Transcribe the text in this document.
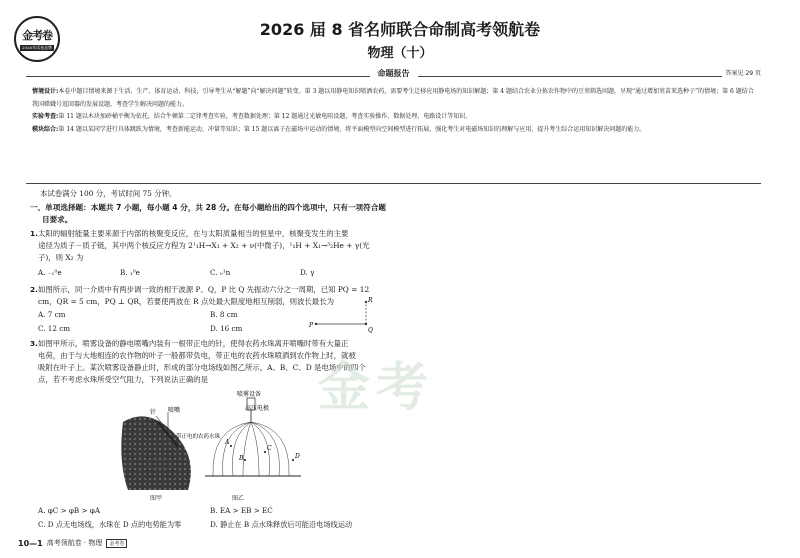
金考卷
2026年试卷品牌
2026 届 8 省名师联合命制高考领航卷
物理（十）
命题报告	答案见 29 页

情境设计:本卷中题目情境来源于生活、生产、体育运动、科技，引导考生从“解题”向“解决问题”转变。第 3 题以用静电知识喷洒农药，需要考生迁移应用静电场的知识解题；第 4 题结合农业分拣农作物中的豆荚筛选问题，呈现“通过增加荚苗来选种子”的情境；第 6 题结合我国嫦娥号返回器的发展设题，考查学生解决问题的能力。

实验考查:第 11 题以木块加砂桶平衡为依托，结合牛顿第二定律考查实验，考查数据处理；第 12 题通过光敏电阻设题，考查实验操作、数据处理、电路设计等知识。

模块综合:第 14 题以某同学进行具体跳跃为情境，考查新能运动、冲量等知识；第 15 题以离子在磁场中运动的情境，将平面模型向空间模型进行拓展，强化考生对电磁场知识的理解与应用，提升考生综合运用知识解决问题的能力。

本试卷满分 100 分，考试时间 75 分钟。
一、单项选择题：本题共 7 小题，每小题 4 分，共 28 分。在每小题给出的四个选项中，只有一项符合题
目要求。
1.太阳的辐射能量主要来源于内部的核聚变反应，在与太阳质量相当的恒星中，核聚变发生的主要
途径为质子－质子链，其中两个核反应方程为 2¹₁H→X₁ + X₂ + ν(中微子)，¹₁H + X₁→³₂He + γ(光
子)，则 X₂ 为
A. ₋₁⁰e	B. ₁⁰e	C. ₀¹n	D. γ
2.如图所示，同一介质中有两步调一致的相干波源 P、Q，P 比 Q 先振动六分之一周期，已知 PQ = 12
cm，QR = 5 cm，PQ ⊥ QR，若要使两波在 R 点处最大限度地相互削弱，则波长最长为
A. 7 cm	B. 8 cm
C. 12 cm	D. 16 cm	P
Q
R
3.如图甲所示，喷雾设备的静电喷嘴内装有一根带正电的针，使得农药水珠离开喷嘴时带有大量正
电荷，由于与大地相连的农作物的叶子一般都带负电，带正电的农药水珠喷洒到农作物上时，就被
吸附在叶子上。某次喷雾设备静止时，形成的部分电场线如图乙所示，A、B、C、D 是电场中的四个
点，若不考虑水珠所受空气阻力，下列说法正确的是
针 喷嘴
带正电的农药水珠
图甲
喷雾设备
高压电极
A
B
C
D
图乙
A. φC > φB > φA	B. EA > EB > EC
C. D 点无电场线，水珠在 D 点的电势能为零	D. 静止在 B 点水珠释放后可能沿电场线运动
金考
10—1 高考领航卷 · 物理	金考卷
